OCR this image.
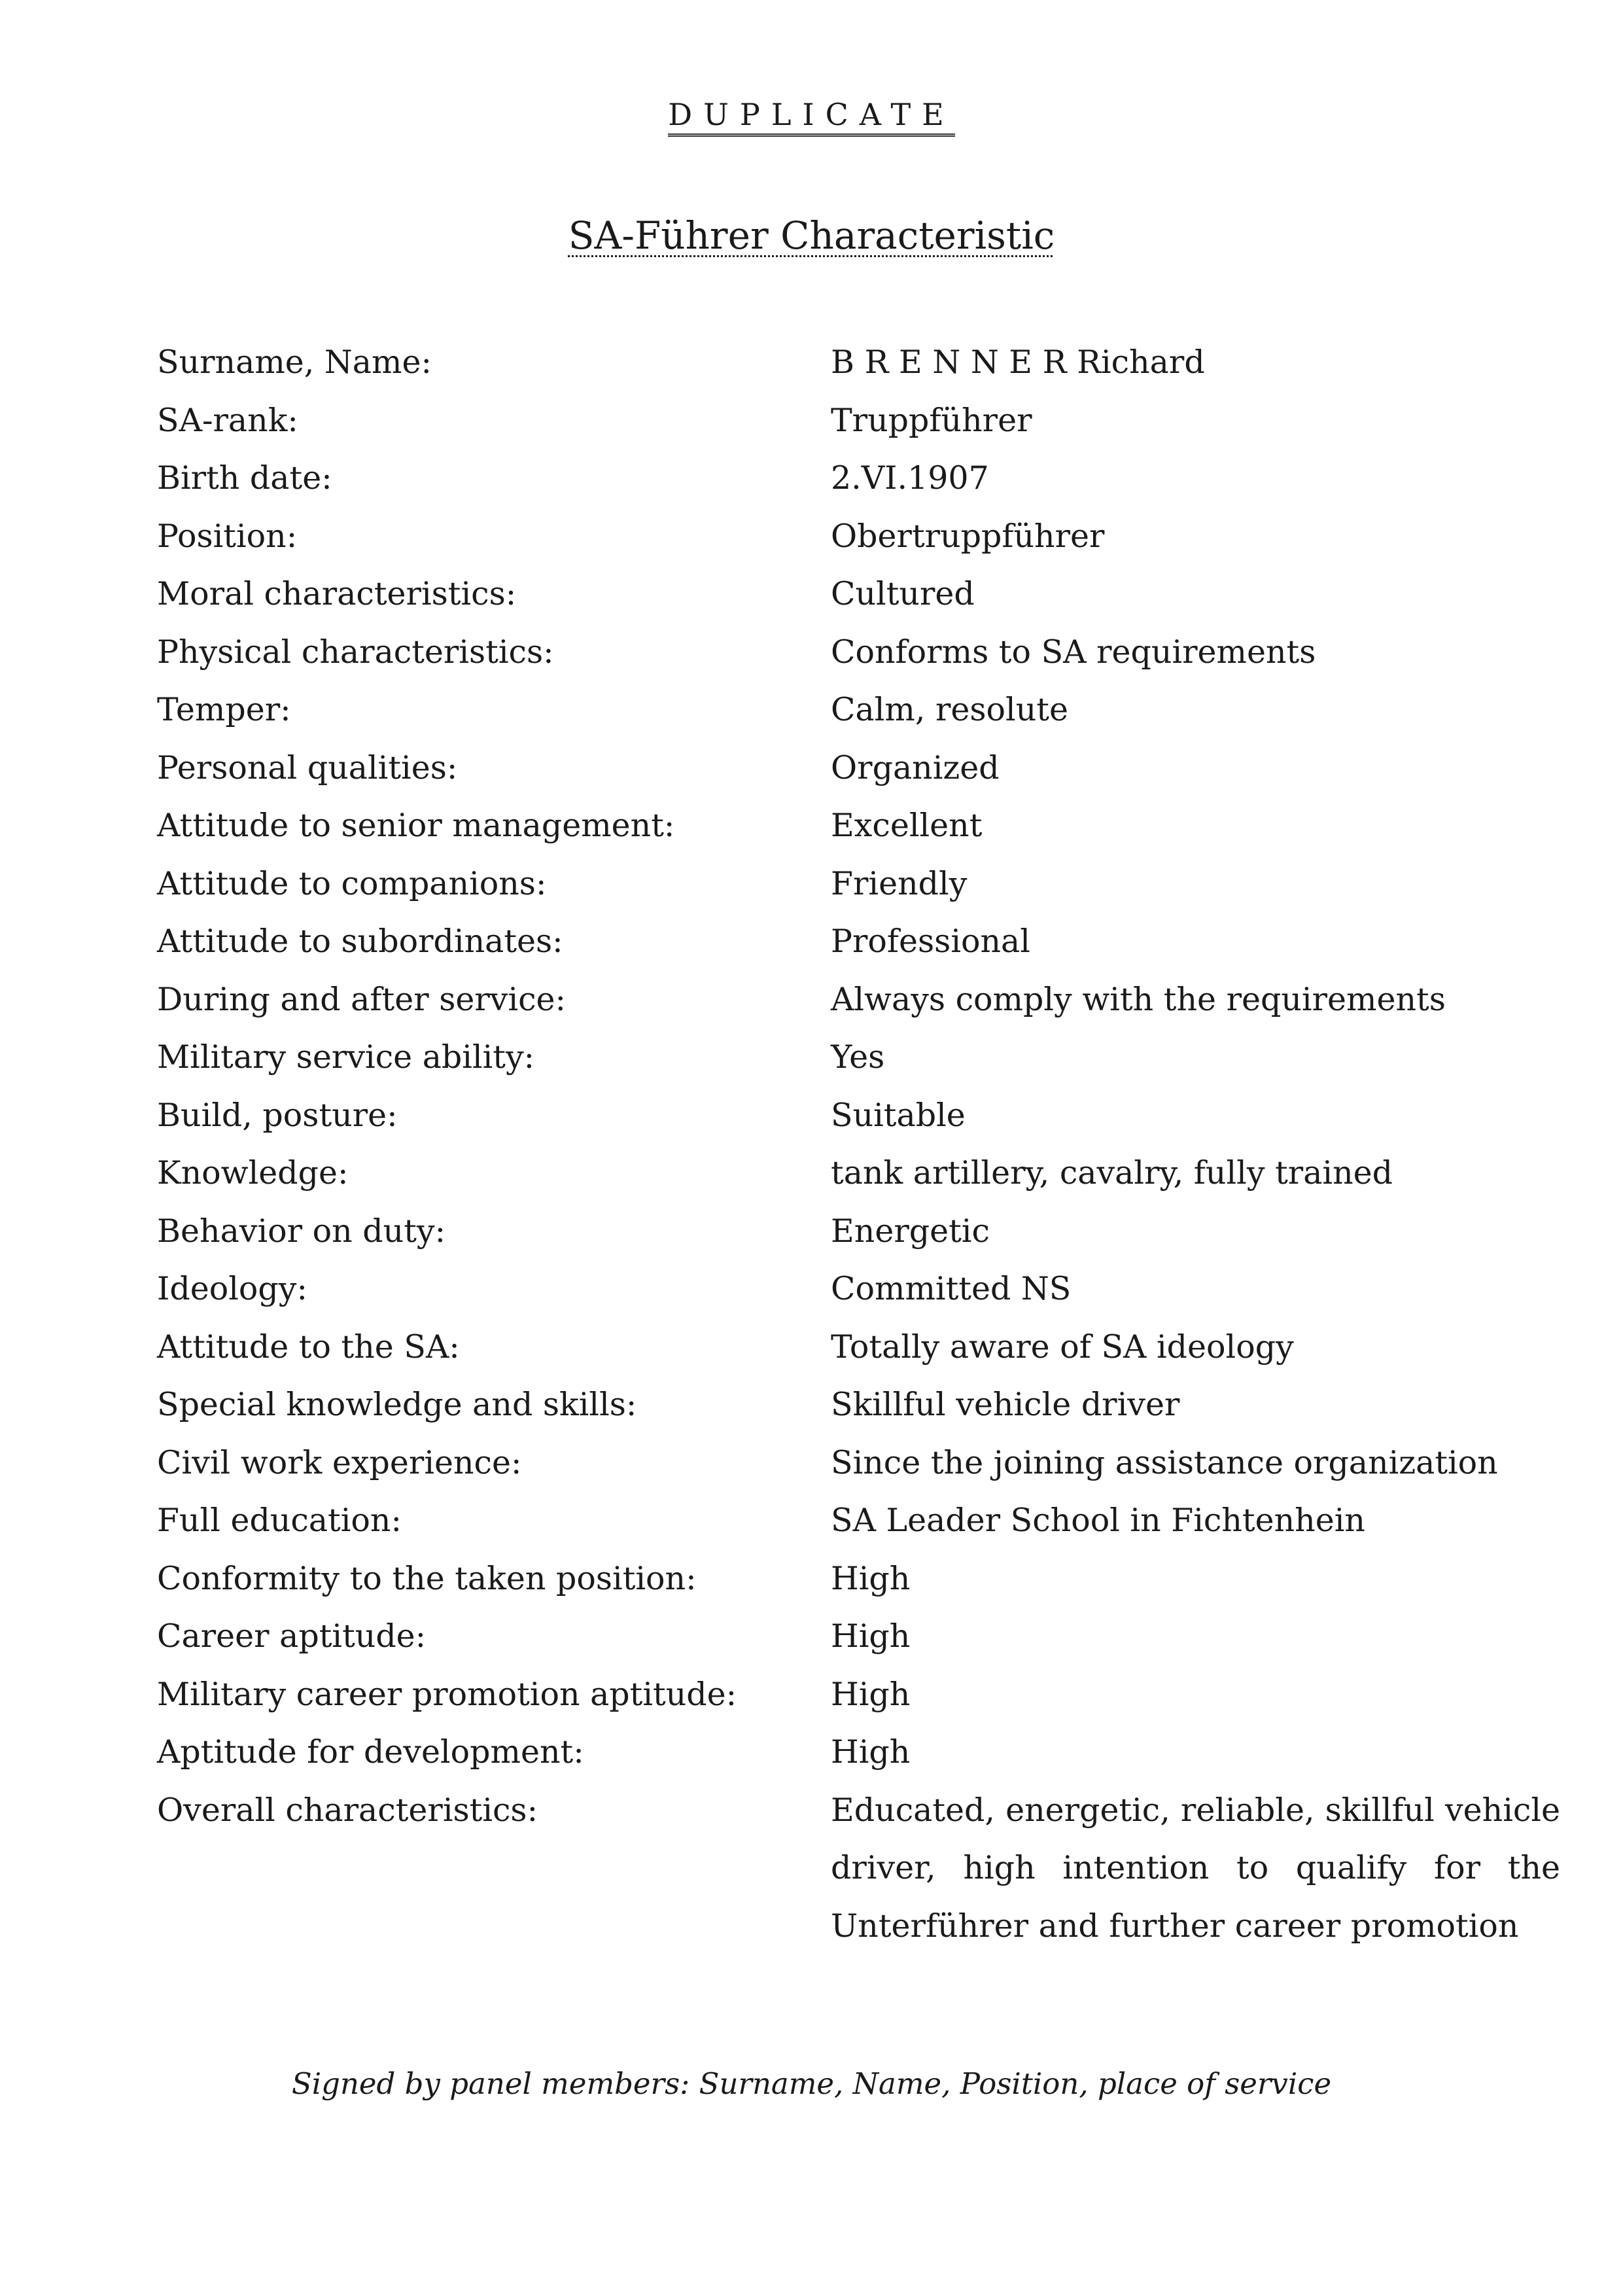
DUPLICATE
SA-Führer Characteristic
Surname, Name:	B R E N N E R Richard
SA-rank:	Truppführer
Birth date:	2.VI.1907
Position:	Obertruppführer
Moral characteristics:	Cultured
Physical characteristics:	Conforms to SA requirements
Temper:	Calm, resolute
Personal qualities:	Organized
Attitude to senior management:	Excellent
Attitude to companions:	Friendly
Attitude to subordinates:	Professional
During and after service:	Always comply with the requirements
Military service ability:	Yes
Build, posture:	Suitable
Knowledge:	tank artillery, cavalry, fully trained
Behavior on duty:	Energetic
Ideology:	Committed NS
Attitude to the SA:	Totally aware of SA ideology
Special knowledge and skills:	Skillful vehicle driver
Civil work experience:	Since the joining assistance organization
Full education:	SA Leader School in Fichtenhein
Conformity to the taken position:	High
Career aptitude:	High
Military career promotion aptitude:	High
Aptitude for development:	High
Overall characteristics:	Educated, energetic, reliable, skillful vehicle driver, high intention to qualify for the Unterführer and further career promotion
Signed by panel members: Surname, Name, Position, place of service
